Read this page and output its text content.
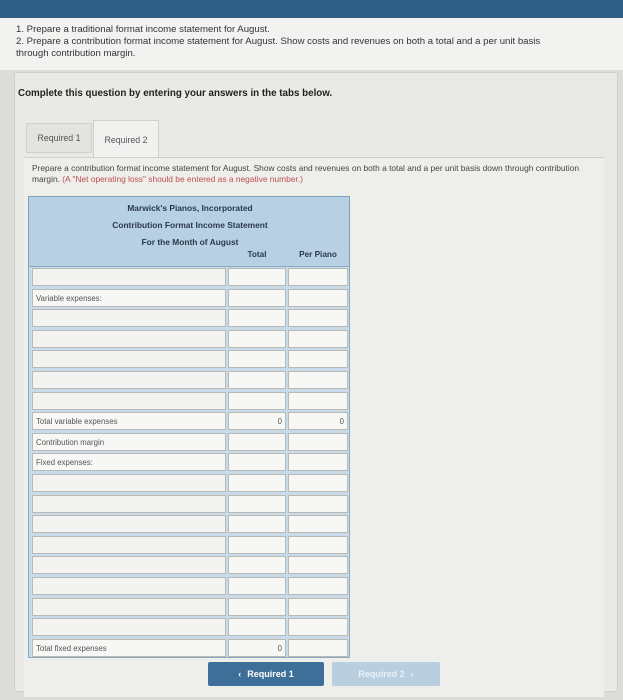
1. Prepare a traditional format income statement for August.
2. Prepare a contribution format income statement for August. Show costs and revenues on both a total and a per unit basis
through contribution margin.
Complete this question by entering your answers in the tabs below.
Required 1	Required 2
Prepare a contribution format income statement for August. Show costs and revenues on both a total and a per unit basis down through contribution margin. (A "Net operating loss" should be entered as a negative number.)
Marwick's Pianos, Incorporated
Contribution Format Income Statement
For the Month of August
Total	Per Piano
Variable expenses:
Total variable expenses	0	0
Contribution margin
Fixed expenses:
Total fixed expenses	0
‹ Required 1	Required 2 ›
